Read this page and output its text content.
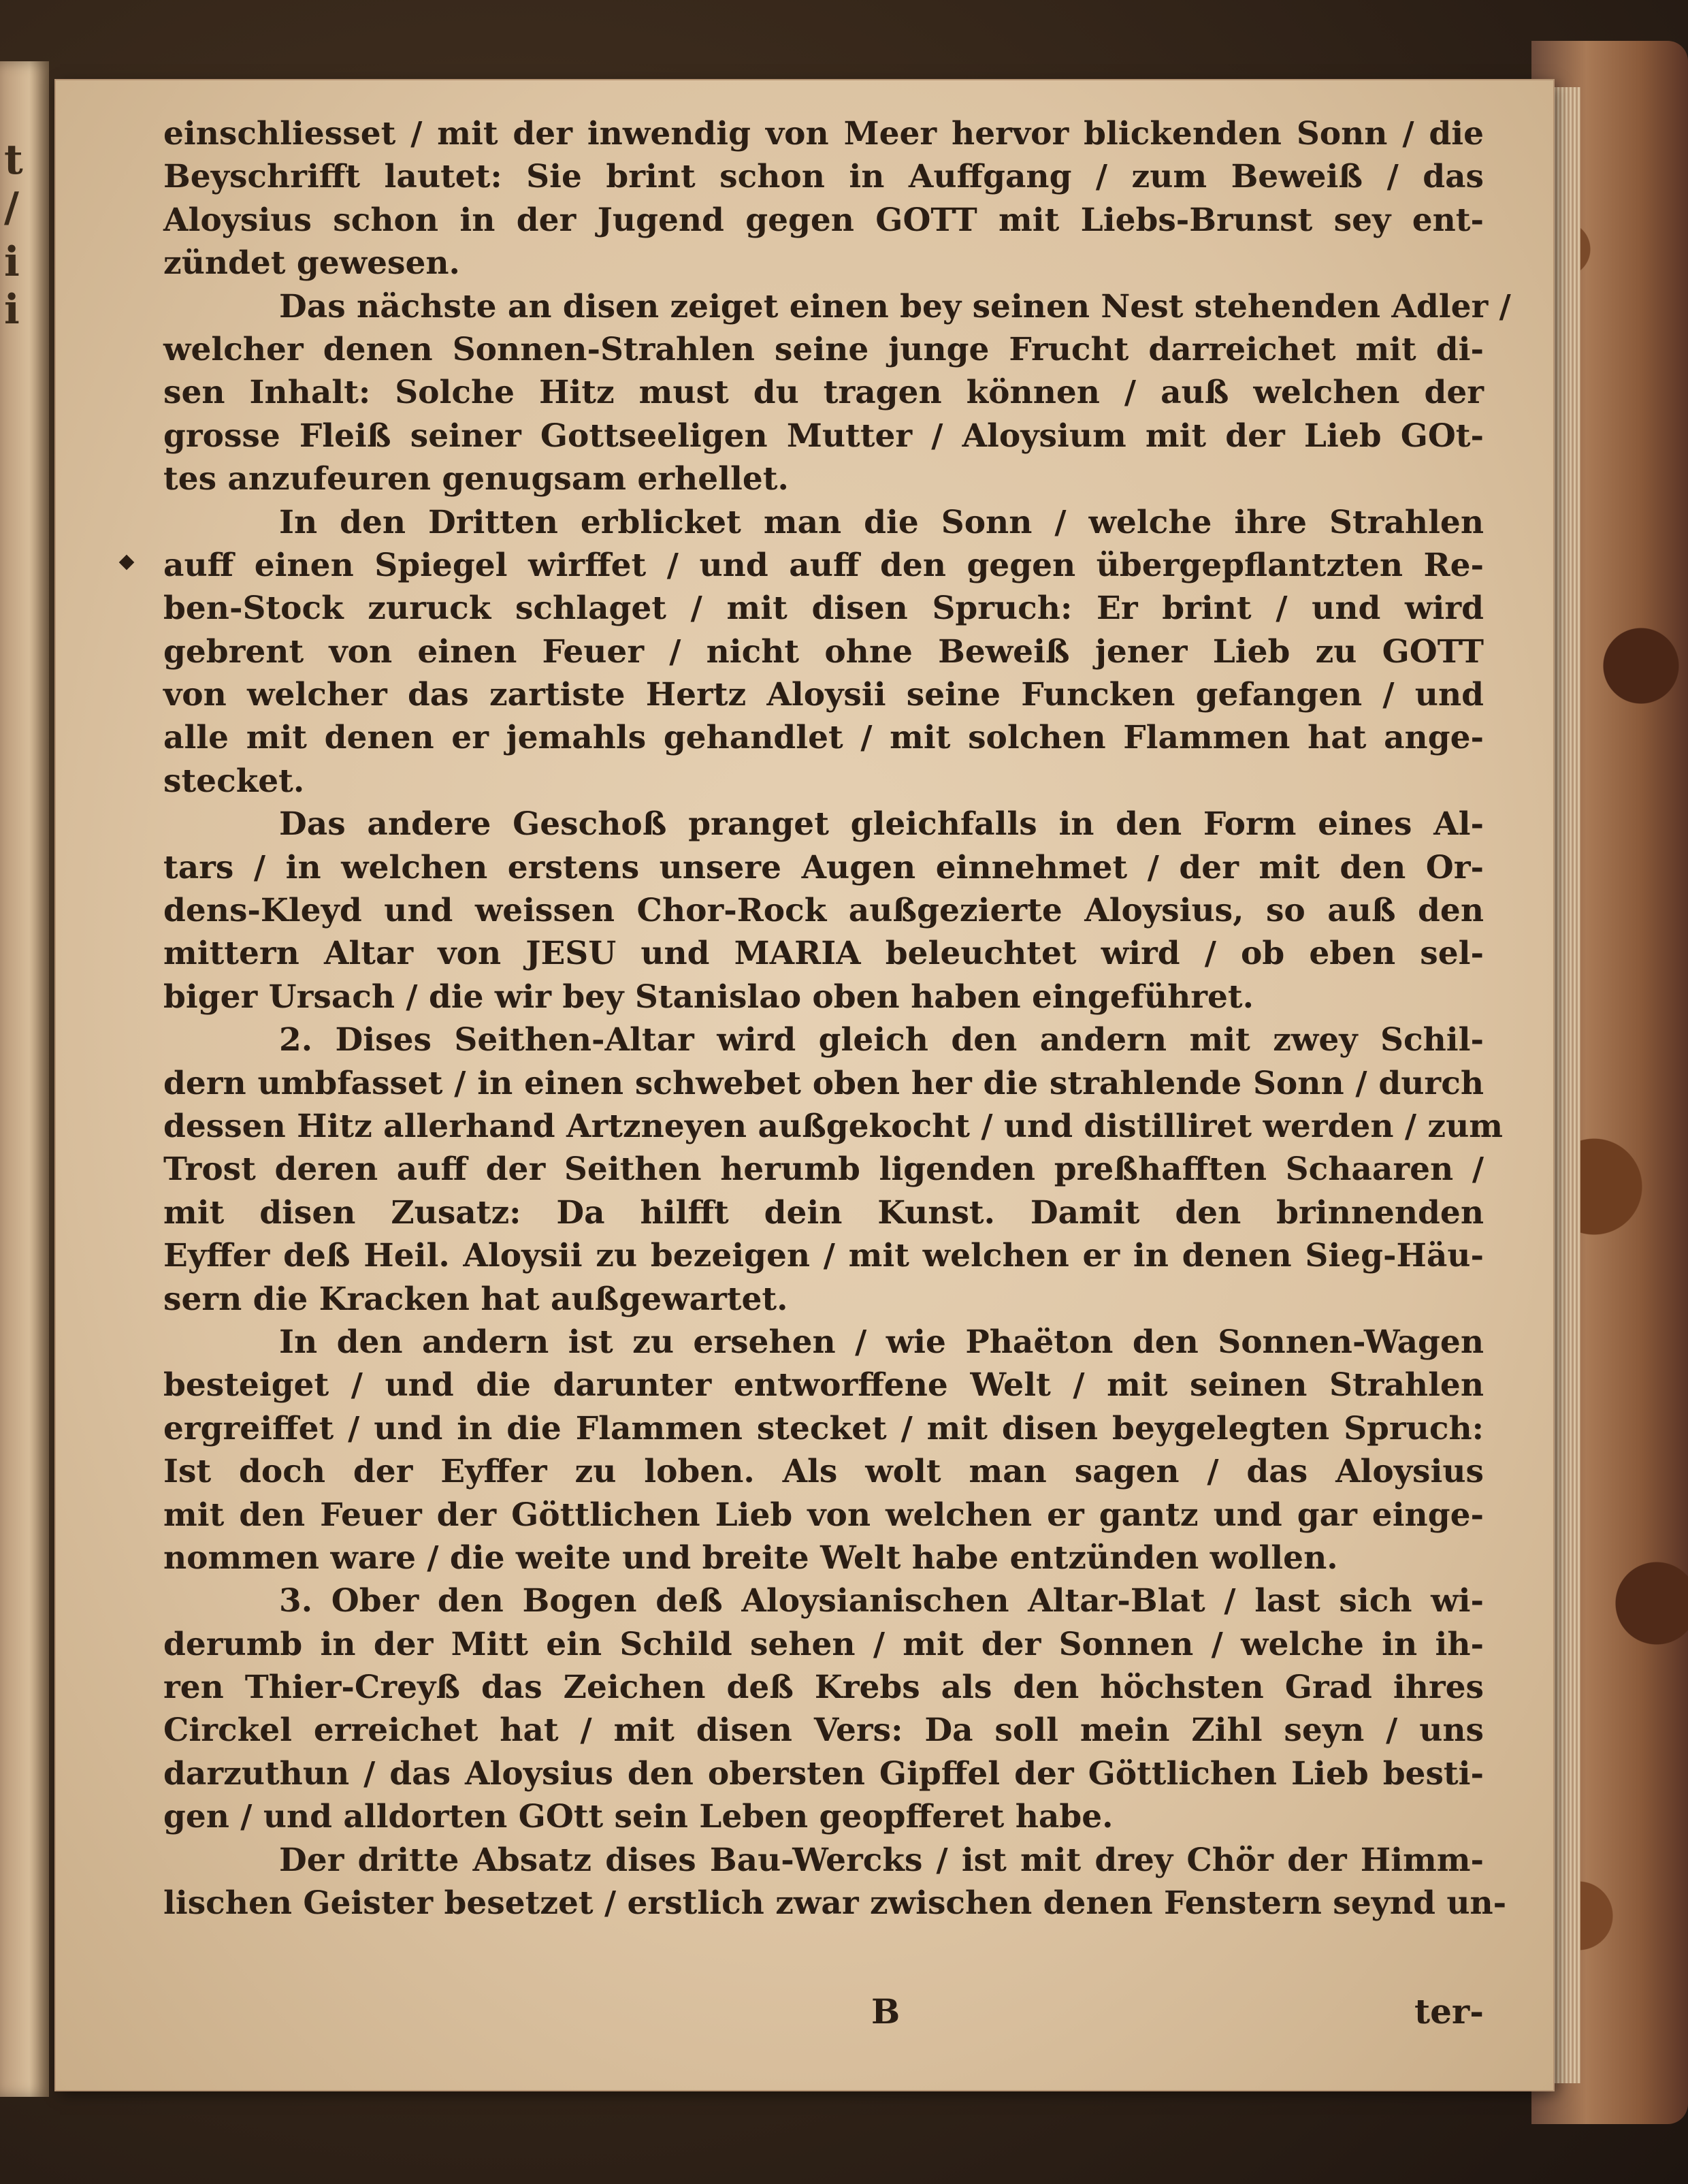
t
/
i
i
einschliesset / mit der inwendig von Meer hervor blickenden Sonn / die
Beyschrifft lautet: Sie brint schon in Auffgang / zum Beweiß / das
Aloysius schon in der Jugend gegen GOTT mit Liebs-Brunst sey ent-
zündet gewesen.
Das nächste an disen zeiget einen bey seinen Nest stehenden Adler /
welcher denen Sonnen-Strahlen seine junge Frucht darreichet mit di-
sen Inhalt: Solche Hitz must du tragen können / auß welchen der
grosse Fleiß seiner Gottseeligen Mutter / Aloysium mit der Lieb GOt-
tes anzufeuren genugsam erhellet.
In den Dritten erblicket man die Sonn / welche ihre Strahlen
auff einen Spiegel wirffet / und auff den gegen übergepflantzten Re-
ben-Stock zuruck schlaget / mit disen Spruch: Er brint / und wird
gebrent von einen Feuer / nicht ohne Beweiß jener Lieb zu GOTT
von welcher das zartiste Hertz Aloysii seine Funcken gefangen / und
alle mit denen er jemahls gehandlet / mit solchen Flammen hat ange-
stecket.
Das andere Geschoß pranget gleichfalls in den Form eines Al-
tars / in welchen erstens unsere Augen einnehmet / der mit den Or-
dens-Kleyd und weissen Chor-Rock außgezierte Aloysius, so auß den
mittern Altar von JESU und MARIA beleuchtet wird / ob eben sel-
biger Ursach / die wir bey Stanislao oben haben eingeführet.
2. Dises Seithen-Altar wird gleich den andern mit zwey Schil-
dern umbfasset / in einen schwebet oben her die strahlende Sonn / durch
dessen Hitz allerhand Artzneyen außgekocht / und distilliret werden / zum
Trost deren auff der Seithen herumb ligenden preßhafften Schaaren /
mit disen Zusatz: Da hilfft dein Kunst. Damit den brinnenden
Eyffer deß Heil. Aloysii zu bezeigen / mit welchen er in denen Sieg-Häu-
sern die Kracken hat außgewartet.
In den andern ist zu ersehen / wie Phaëton den Sonnen-Wagen
besteiget / und die darunter entworffene Welt / mit seinen Strahlen
ergreiffet / und in die Flammen stecket / mit disen beygelegten Spruch:
Ist doch der Eyffer zu loben. Als wolt man sagen / das Aloysius
mit den Feuer der Göttlichen Lieb von welchen er gantz und gar einge-
nommen ware / die weite und breite Welt habe entzünden wollen.
3. Ober den Bogen deß Aloysianischen Altar-Blat / last sich wi-
derumb in der Mitt ein Schild sehen / mit der Sonnen / welche in ih-
ren Thier-Creyß das Zeichen deß Krebs als den höchsten Grad ihres
Circkel erreichet hat / mit disen Vers: Da soll mein Zihl seyn / uns
darzuthun / das Aloysius den obersten Gipffel der Göttlichen Lieb besti-
gen / und alldorten GOtt sein Leben geopfferet habe.
Der dritte Absatz dises Bau-Wercks / ist mit drey Chör der Himm-
lischen Geister besetzet / erstlich zwar zwischen denen Fenstern seynd un-
B	ter-
